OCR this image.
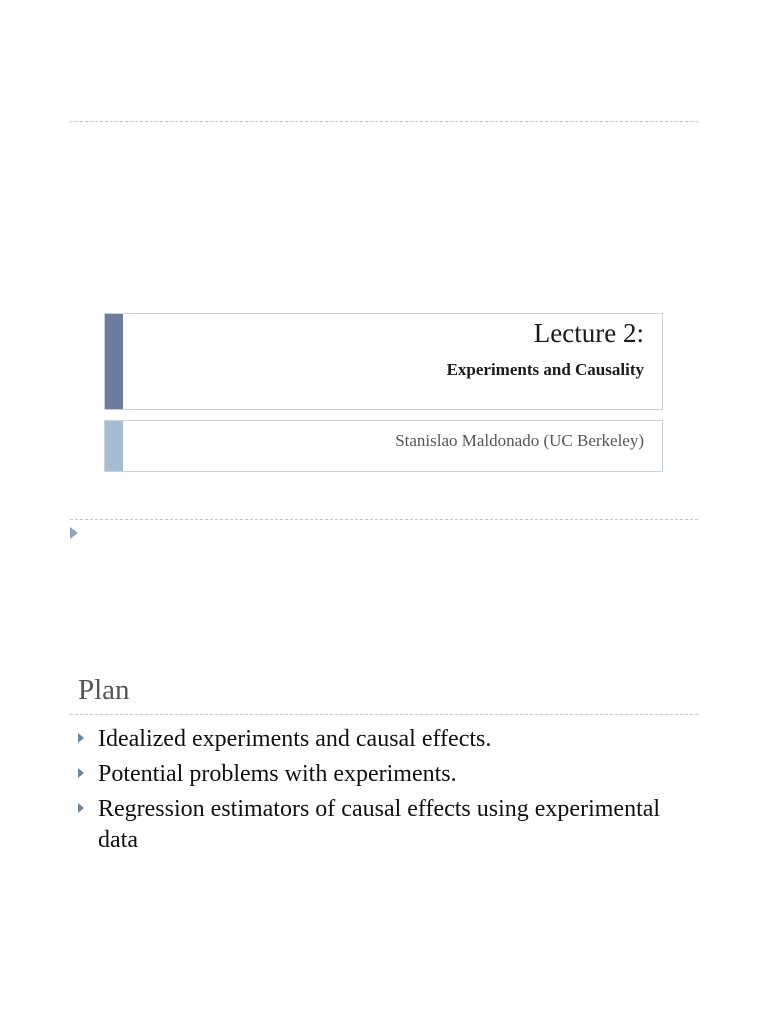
Lecture 2:
Experiments and Causality
Stanislao Maldonado (UC Berkeley)
Plan
Idealized experiments and causal effects.
Potential problems with experiments.
Regression estimators of causal effects using experimental data
